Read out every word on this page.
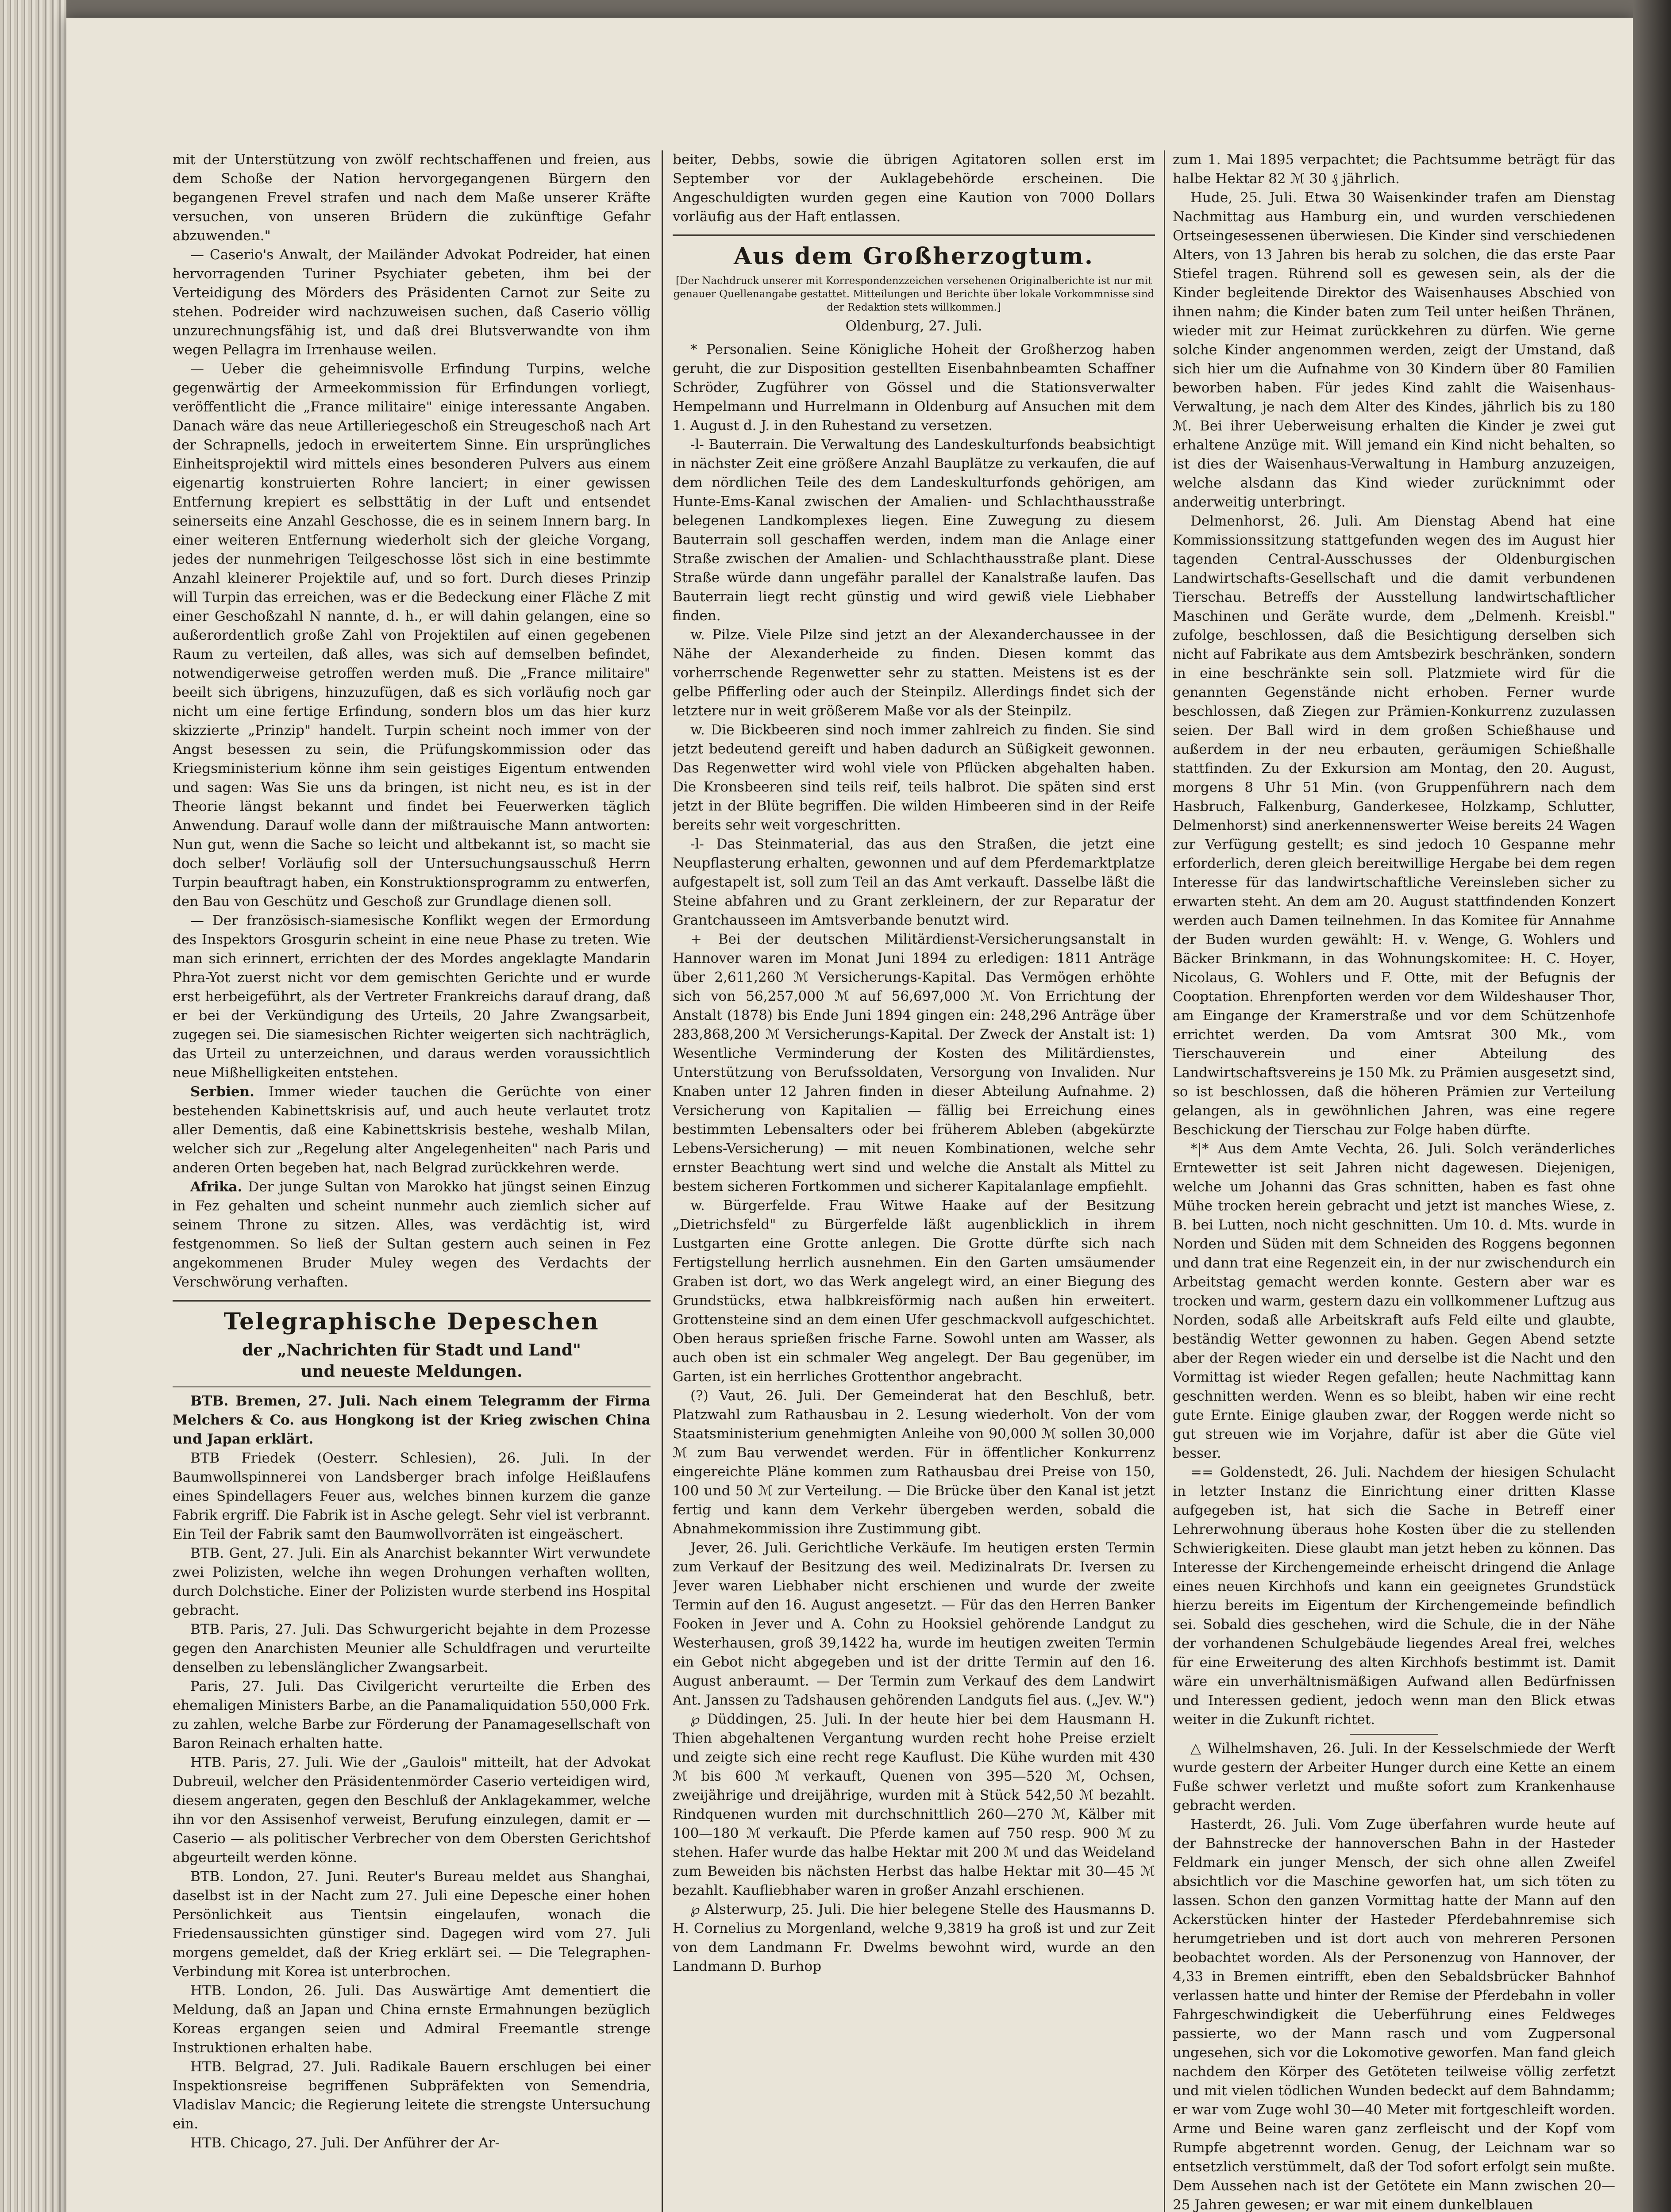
mit der Unterstützung von zwölf rechtschaffenen und freien, aus dem Schoße der Nation hervorgegangenen Bürgern den begangenen Frevel strafen und nach dem Maße unserer Kräfte versuchen, von unseren Brüdern die zukünftige Gefahr abzuwenden."

— Caserio's Anwalt, der Mailänder Advokat Podreider, hat einen hervorragenden Turiner Psychiater gebeten, ihm bei der Verteidigung des Mörders des Präsidenten Carnot zur Seite zu stehen. Podreider wird nachzuweisen suchen, daß Caserio völlig unzurechnungsfähig ist, und daß drei Blutsverwandte von ihm wegen Pellagra im Irrenhause weilen.

— Ueber die geheimnisvolle Erfindung Turpins, welche gegenwärtig der Armeekommission für Erfindungen vorliegt, veröffentlicht die „France militaire" einige interessante Angaben. Danach wäre das neue Artilleriegeschoß ein Streugeschoß nach Art der Schrapnells, jedoch in erweitertem Sinne. Ein ursprüngliches Einheitsprojektil wird mittels eines besonderen Pulvers aus einem eigenartig konstruierten Rohre lanciert; in einer gewissen Entfernung krepiert es selbsttätig in der Luft und entsendet seinerseits eine Anzahl Geschosse, die es in seinem Innern barg. In einer weiteren Entfernung wiederholt sich der gleiche Vorgang, jedes der nunmehrigen Teilgeschosse löst sich in eine bestimmte Anzahl kleinerer Projektile auf, und so fort. Durch dieses Prinzip will Turpin das erreichen, was er die Bedeckung einer Fläche Z mit einer Geschoßzahl N nannte, d. h., er will dahin gelangen, eine so außerordentlich große Zahl von Projektilen auf einen gegebenen Raum zu verteilen, daß alles, was sich auf demselben befindet, notwendigerweise getroffen werden muß. Die „France militaire" beeilt sich übrigens, hinzuzufügen, daß es sich vorläufig noch gar nicht um eine fertige Erfindung, sondern blos um das hier kurz skizzierte „Prinzip" handelt. Turpin scheint noch immer von der Angst besessen zu sein, die Prüfungskommission oder das Kriegsministerium könne ihm sein geistiges Eigentum entwenden und sagen: Was Sie uns da bringen, ist nicht neu, es ist in der Theorie längst bekannt und findet bei Feuerwerken täglich Anwendung. Darauf wolle dann der mißtrauische Mann antworten: Nun gut, wenn die Sache so leicht und altbekannt ist, so macht sie doch selber! Vorläufig soll der Untersuchungsausschuß Herrn Turpin beauftragt haben, ein Konstruktionsprogramm zu entwerfen, den Bau von Geschütz und Geschoß zur Grundlage dienen soll.

— Der französisch-siamesische Konflikt wegen der Ermordung des Inspektors Grosgurin scheint in eine neue Phase zu treten. Wie man sich erinnert, errichten der des Mordes angeklagte Mandarin Phra-Yot zuerst nicht vor dem gemischten Gerichte und er wurde erst herbeigeführt, als der Vertreter Frankreichs darauf drang, daß er bei der Verkündigung des Urteils, 20 Jahre Zwangsarbeit, zugegen sei. Die siamesischen Richter weigerten sich nachträglich, das Urteil zu unterzeichnen, und daraus werden voraussichtlich neue Mißhelligkeiten entstehen.

Serbien. Immer wieder tauchen die Gerüchte von einer bestehenden Kabinettskrisis auf, und auch heute verlautet trotz aller Dementis, daß eine Kabinettskrisis bestehe, weshalb Milan, welcher sich zur „Regelung alter Angelegenheiten" nach Paris und anderen Orten begeben hat, nach Belgrad zurückkehren werde.

Afrika. Der junge Sultan von Marokko hat jüngst seinen Einzug in Fez gehalten und scheint nunmehr auch ziemlich sicher auf seinem Throne zu sitzen. Alles, was verdächtig ist, wird festgenommen. So ließ der Sultan gestern auch seinen in Fez angekommenen Bruder Muley wegen des Verdachts der Verschwörung verhaften.

Telegraphische Depeschen
der „Nachrichten für Stadt und Land"
und neueste Meldungen.

BTB. Bremen, 27. Juli. Nach einem Telegramm der Firma Melchers & Co. aus Hongkong ist der Krieg zwischen China und Japan erklärt.

BTB Friedek (Oesterr. Schlesien), 26. Juli. In der Baumwollspinnerei von Landsberger brach infolge Heißlaufens eines Spindellagers Feuer aus, welches binnen kurzem die ganze Fabrik ergriff. Die Fabrik ist in Asche gelegt. Sehr viel ist verbrannt. Ein Teil der Fabrik samt den Baumwollvorräten ist eingeäschert.

BTB. Gent, 27. Juli. Ein als Anarchist bekannter Wirt verwundete zwei Polizisten, welche ihn wegen Drohungen verhaften wollten, durch Dolchstiche. Einer der Polizisten wurde sterbend ins Hospital gebracht.

BTB. Paris, 27. Juli. Das Schwurgericht bejahte in dem Prozesse gegen den Anarchisten Meunier alle Schuldfragen und verurteilte denselben zu lebenslänglicher Zwangsarbeit.

Paris, 27. Juli. Das Civilgericht verurteilte die Erben des ehemaligen Ministers Barbe, an die Panamaliquidation 550,000 Frk. zu zahlen, welche Barbe zur Förderung der Panamagesellschaft von Baron Reinach erhalten hatte.

HTB. Paris, 27. Juli. Wie der „Gaulois" mitteilt, hat der Advokat Dubreuil, welcher den Präsidentenmörder Caserio verteidigen wird, diesem angeraten, gegen den Beschluß der Anklagekammer, welche ihn vor den Assisenhof verweist, Berufung einzulegen, damit er — Caserio — als politischer Verbrecher von dem Obersten Gerichtshof abgeurteilt werden könne.

BTB. London, 27. Juni. Reuter's Bureau meldet aus Shanghai, daselbst ist in der Nacht zum 27. Juli eine Depesche einer hohen Persönlichkeit aus Tientsin eingelaufen, wonach die Friedensaussichten günstiger sind. Dagegen wird vom 27. Juli morgens gemeldet, daß der Krieg erklärt sei. — Die Telegraphen-Verbindung mit Korea ist unterbrochen.

HTB. London, 26. Juli. Das Auswärtige Amt dementiert die Meldung, daß an Japan und China ernste Ermahnungen bezüglich Koreas ergangen seien und Admiral Freemantle strenge Instruktionen erhalten habe.

HTB. Belgrad, 27. Juli. Radikale Bauern erschlugen bei einer Inspektionsreise begriffenen Subpräfekten von Semendria, Vladislav Mancic; die Regierung leitete die strengste Untersuchung ein.

HTB. Chicago, 27. Juli. Der Anführer der Ar-

beiter, Debbs, sowie die übrigen Agitatoren sollen erst im September vor der Auklagebehörde erscheinen. Die Angeschuldigten wurden gegen eine Kaution von 7000 Dollars vorläufig aus der Haft entlassen.

Aus dem Großherzogtum.
[Der Nachdruck unserer mit Korrespondenzzeichen versehenen Originalberichte ist nur mit genauer Quellenangabe gestattet. Mitteilungen und Berichte über lokale Vorkommnisse sind der Redaktion stets willkommen.]
Oldenburg, 27. Juli.

* Personalien. Seine Königliche Hoheit der Großherzog haben geruht, die zur Disposition gestellten Eisenbahnbeamten Schaffner Schröder, Zugführer von Gössel und die Stationsverwalter Hempelmann und Hurrelmann in Oldenburg auf Ansuchen mit dem 1. August d. J. in den Ruhestand zu versetzen.

-l- Bauterrain. Die Verwaltung des Landeskulturfonds beabsichtigt in nächster Zeit eine größere Anzahl Bauplätze zu verkaufen, die auf dem nördlichen Teile des dem Landeskulturfonds gehörigen, am Hunte-Ems-Kanal zwischen der Amalien- und Schlachthausstraße belegenen Landkomplexes liegen. Eine Zuwegung zu diesem Bauterrain soll geschaffen werden, indem man die Anlage einer Straße zwischen der Amalien- und Schlachthausstraße plant. Diese Straße würde dann ungefähr parallel der Kanalstraße laufen. Das Bauterrain liegt recht günstig und wird gewiß viele Liebhaber finden.

w. Pilze. Viele Pilze sind jetzt an der Alexanderchaussee in der Nähe der Alexanderheide zu finden. Diesen kommt das vorherrschende Regenwetter sehr zu statten. Meistens ist es der gelbe Pfifferling oder auch der Steinpilz. Allerdings findet sich der letztere nur in weit größerem Maße vor als der Steinpilz.

w. Die Bickbeeren sind noch immer zahlreich zu finden. Sie sind jetzt bedeutend gereift und haben dadurch an Süßigkeit gewonnen. Das Regenwetter wird wohl viele von Pflücken abgehalten haben. Die Kronsbeeren sind teils reif, teils halbrot. Die späten sind erst jetzt in der Blüte begriffen. Die wilden Himbeeren sind in der Reife bereits sehr weit vorgeschritten.

-l- Das Steinmaterial, das aus den Straßen, die jetzt eine Neupflasterung erhalten, gewonnen und auf dem Pferdemarktplatze aufgestapelt ist, soll zum Teil an das Amt verkauft. Dasselbe läßt die Steine abfahren und zu Grant zerkleinern, der zur Reparatur der Grantchausseen im Amtsverbande benutzt wird.

+ Bei der deutschen Militärdienst-Versicherungsanstalt in Hannover waren im Monat Juni 1894 zu erledigen: 1811 Anträge über 2,611,260 ℳ Versicherungs-Kapital. Das Vermögen erhöhte sich von 56,257,000 ℳ auf 56,697,000 ℳ. Von Errichtung der Anstalt (1878) bis Ende Juni 1894 gingen ein: 248,296 Anträge über 283,868,200 ℳ Versicherungs-Kapital. Der Zweck der Anstalt ist: 1) Wesentliche Verminderung der Kosten des Militärdienstes, Unterstützung von Berufssoldaten, Versorgung von Invaliden. Nur Knaben unter 12 Jahren finden in dieser Abteilung Aufnahme. 2) Versicherung von Kapitalien — fällig bei Erreichung eines bestimmten Lebensalters oder bei früherem Ableben (abgekürzte Lebens-Versicherung) — mit neuen Kombinationen, welche sehr ernster Beachtung wert sind und welche die Anstalt als Mittel zu bestem sicheren Fortkommen und sicherer Kapitalanlage empfiehlt.

w. Bürgerfelde. Frau Witwe Haake auf der Besitzung „Dietrichsfeld" zu Bürgerfelde läßt augenblicklich in ihrem Lustgarten eine Grotte anlegen. Die Grotte dürfte sich nach Fertigstellung herrlich ausnehmen. Ein den Garten umsäumender Graben ist dort, wo das Werk angelegt wird, an einer Biegung des Grundstücks, etwa halbkreisförmig nach außen hin erweitert. Grottensteine sind an dem einen Ufer geschmackvoll aufgeschichtet. Oben heraus sprießen frische Farne. Sowohl unten am Wasser, als auch oben ist ein schmaler Weg angelegt. Der Bau gegenüber, im Garten, ist ein herrliches Grottenthor angebracht.

(?) Vaut, 26. Juli. Der Gemeinderat hat den Beschluß, betr. Platzwahl zum Rathausbau in 2. Lesung wiederholt. Von der vom Staatsministerium genehmigten Anleihe von 90,000 ℳ sollen 30,000 ℳ zum Bau verwendet werden. Für in öffentlicher Konkurrenz eingereichte Pläne kommen zum Rathausbau drei Preise von 150, 100 und 50 ℳ zur Verteilung. — Die Brücke über den Kanal ist jetzt fertig und kann dem Verkehr übergeben werden, sobald die Abnahmekommission ihre Zustimmung gibt.

Jever, 26. Juli. Gerichtliche Verkäufe. Im heutigen ersten Termin zum Verkauf der Besitzung des weil. Medizinalrats Dr. Iversen zu Jever waren Liebhaber nicht erschienen und wurde der zweite Termin auf den 16. August angesetzt. — Für das den Herren Banker Fooken in Jever und A. Cohn zu Hooksiel gehörende Landgut zu Westerhausen, groß 39,1422 ha, wurde im heutigen zweiten Termin ein Gebot nicht abgegeben und ist der dritte Termin auf den 16. August anberaumt. — Der Termin zum Verkauf des dem Landwirt Ant. Janssen zu Tadshausen gehörenden Landguts fiel aus. („Jev. W.")

℘ Düddingen, 25. Juli. In der heute hier bei dem Hausmann H. Thien abgehaltenen Vergantung wurden recht hohe Preise erzielt und zeigte sich eine recht rege Kauflust. Die Kühe wurden mit 430 ℳ bis 600 ℳ verkauft, Quenen von 395—520 ℳ, Ochsen, zweijährige und dreijährige, wurden mit à Stück 542,50 ℳ bezahlt. Rindquenen wurden mit durchschnittlich 260—270 ℳ, Kälber mit 100—180 ℳ verkauft. Die Pferde kamen auf 750 resp. 900 ℳ zu stehen. Hafer wurde das halbe Hektar mit 200 ℳ und das Weideland zum Beweiden bis nächsten Herbst das halbe Hektar mit 30—45 ℳ bezahlt. Kaufliebhaber waren in großer Anzahl erschienen.

℘ Alsterwurp, 25. Juli. Die hier belegene Stelle des Hausmanns D. H. Cornelius zu Morgenland, welche 9,3819 ha groß ist und zur Zeit von dem Landmann Fr. Dwelms bewohnt wird, wurde an den Landmann D. Burhop

zum 1. Mai 1895 verpachtet; die Pachtsumme beträgt für das halbe Hektar 82 ℳ 30 ₰ jährlich.

Hude, 25. Juli. Etwa 30 Waisenkinder trafen am Dienstag Nachmittag aus Hamburg ein, und wurden verschiedenen Ortseingesessenen überwiesen. Die Kinder sind verschiedenen Alters, von 13 Jahren bis herab zu solchen, die das erste Paar Stiefel tragen. Rührend soll es gewesen sein, als der die Kinder begleitende Direktor des Waisenhauses Abschied von ihnen nahm; die Kinder baten zum Teil unter heißen Thränen, wieder mit zur Heimat zurückkehren zu dürfen. Wie gerne solche Kinder angenommen werden, zeigt der Umstand, daß sich hier um die Aufnahme von 30 Kindern über 80 Familien beworben haben. Für jedes Kind zahlt die Waisenhaus-Verwaltung, je nach dem Alter des Kindes, jährlich bis zu 180 ℳ. Bei ihrer Ueberweisung erhalten die Kinder je zwei gut erhaltene Anzüge mit. Will jemand ein Kind nicht behalten, so ist dies der Waisenhaus-Verwaltung in Hamburg anzuzeigen, welche alsdann das Kind wieder zurücknimmt oder anderweitig unterbringt.

Delmenhorst, 26. Juli. Am Dienstag Abend hat eine Kommissionssitzung stattgefunden wegen des im August hier tagenden Central-Ausschusses der Oldenburgischen Landwirtschafts-Gesellschaft und die damit verbundenen Tierschau. Betreffs der Ausstellung landwirtschaftlicher Maschinen und Geräte wurde, dem „Delmenh. Kreisbl." zufolge, beschlossen, daß die Besichtigung derselben sich nicht auf Fabrikate aus dem Amtsbezirk beschränken, sondern in eine beschränkte sein soll. Platzmiete wird für die genannten Gegenstände nicht erhoben. Ferner wurde beschlossen, daß Ziegen zur Prämien-Konkurrenz zuzulassen seien. Der Ball wird in dem großen Schießhause und außerdem in der neu erbauten, geräumigen Schießhalle stattfinden. Zu der Exkursion am Montag, den 20. August, morgens 8 Uhr 51 Min. (von Gruppenführern nach dem Hasbruch, Falkenburg, Ganderkesee, Holzkamp, Schlutter, Delmenhorst) sind anerkennenswerter Weise bereits 24 Wagen zur Verfügung gestellt; es sind jedoch 10 Gespanne mehr erforderlich, deren gleich bereitwillige Hergabe bei dem regen Interesse für das landwirtschaftliche Vereinsleben sicher zu erwarten steht. An dem am 20. August stattfindenden Konzert werden auch Damen teilnehmen. In das Komitee für Annahme der Buden wurden gewählt: H. v. Wenge, G. Wohlers und Bäcker Brinkmann, in das Wohnungskomitee: H. C. Hoyer, Nicolaus, G. Wohlers und F. Otte, mit der Befugnis der Cooptation. Ehrenpforten werden vor dem Wildeshauser Thor, am Eingange der Kramerstraße und vor dem Schützenhofe errichtet werden. Da vom Amtsrat 300 Mk., vom Tierschauverein und einer Abteilung des Landwirtschaftsvereins je 150 Mk. zu Prämien ausgesetzt sind, so ist beschlossen, daß die höheren Prämien zur Verteilung gelangen, als in gewöhnlichen Jahren, was eine regere Beschickung der Tierschau zur Folge haben dürfte.

*|* Aus dem Amte Vechta, 26. Juli. Solch veränderliches Erntewetter ist seit Jahren nicht dagewesen. Diejenigen, welche um Johanni das Gras schnitten, haben es fast ohne Mühe trocken herein gebracht und jetzt ist manches Wiese, z. B. bei Lutten, noch nicht geschnitten. Um 10. d. Mts. wurde in Norden und Süden mit dem Schneiden des Roggens begonnen und dann trat eine Regenzeit ein, in der nur zwischendurch ein Arbeitstag gemacht werden konnte. Gestern aber war es trocken und warm, gestern dazu ein vollkommener Luftzug aus Norden, sodaß alle Arbeitskraft aufs Feld eilte und glaubte, beständig Wetter gewonnen zu haben. Gegen Abend setzte aber der Regen wieder ein und derselbe ist die Nacht und den Vormittag ist wieder Regen gefallen; heute Nachmittag kann geschnitten werden. Wenn es so bleibt, haben wir eine recht gute Ernte. Einige glauben zwar, der Roggen werde nicht so gut streuen wie im Vorjahre, dafür ist aber die Güte viel besser.

== Goldenstedt, 26. Juli. Nachdem der hiesigen Schulacht in letzter Instanz die Einrichtung einer dritten Klasse aufgegeben ist, hat sich die Sache in Betreff einer Lehrerwohnung überaus hohe Kosten über die zu stellenden Schwierigkeiten. Diese glaubt man jetzt heben zu können. Das Interesse der Kirchengemeinde erheischt dringend die Anlage eines neuen Kirchhofs und kann ein geeignetes Grundstück hierzu bereits im Eigentum der Kirchengemeinde befindlich sei. Sobald dies geschehen, wird die Schule, die in der Nähe der vorhandenen Schulgebäude liegendes Areal frei, welches für eine Erweiterung des alten Kirchhofs bestimmt ist. Damit wäre ein unverhältnismäßigen Aufwand allen Bedürfnissen und Interessen gedient, jedoch wenn man den Blick etwas weiter in die Zukunft richtet.

△ Wilhelmshaven, 26. Juli. In der Kesselschmiede der Werft wurde gestern der Arbeiter Hunger durch eine Kette an einem Fuße schwer verletzt und mußte sofort zum Krankenhause gebracht werden.

Hasterdt, 26. Juli. Vom Zuge überfahren wurde heute auf der Bahnstrecke der hannoverschen Bahn in der Hasteder Feldmark ein junger Mensch, der sich ohne allen Zweifel absichtlich vor die Maschine geworfen hat, um sich töten zu lassen. Schon den ganzen Vormittag hatte der Mann auf den Ackerstücken hinter der Hasteder Pferdebahnremise sich herumgetrieben und ist dort auch von mehreren Personen beobachtet worden. Als der Personenzug von Hannover, der 4,33 in Bremen eintrifft, eben den Sebaldsbrücker Bahnhof verlassen hatte und hinter der Remise der Pferdebahn in voller Fahrgeschwindigkeit die Ueberführung eines Feldweges passierte, wo der Mann rasch und vom Zugpersonal ungesehen, sich vor die Lokomotive geworfen. Man fand gleich nachdem den Körper des Getöteten teilweise völlig zerfetzt und mit vielen tödlichen Wunden bedeckt auf dem Bahndamm; er war vom Zuge wohl 30—40 Meter mit fortgeschleift worden. Arme und Beine waren ganz zerfleischt und der Kopf vom Rumpfe abgetrennt worden. Genug, der Leichnam war so entsetzlich verstümmelt, daß der Tod sofort erfolgt sein mußte. Dem Aussehen nach ist der Getötete ein Mann zwischen 20—25 Jahren gewesen; er war mit einem dunkelblauen
